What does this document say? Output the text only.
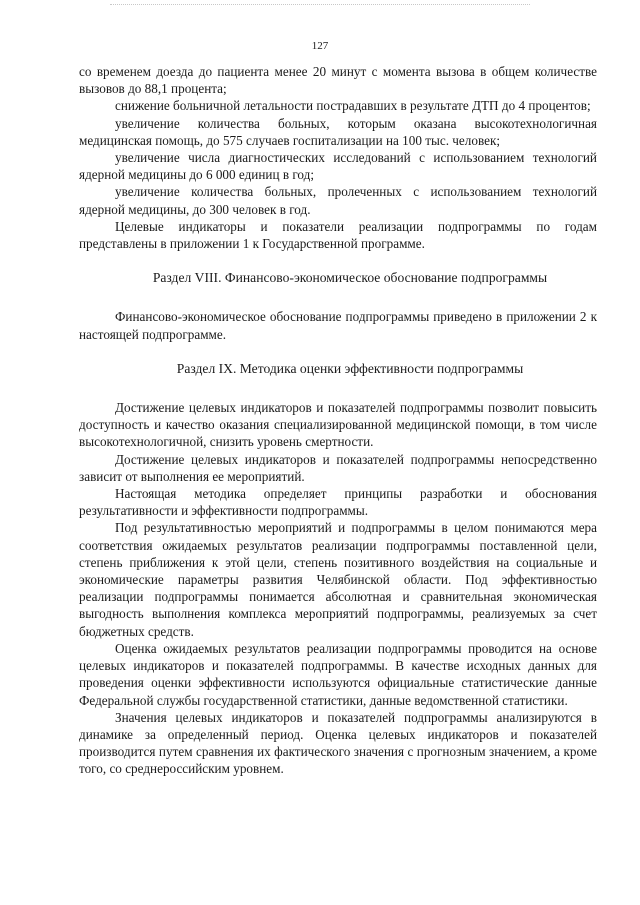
127

со временем доезда до пациента менее 20 минут с момента вызова в общем количестве вызовов до 88,1 процента;

снижение больничной летальности пострадавших в результате ДТП до 4 процентов;

увеличение количества больных, которым оказана высокотехнологичная медицинская помощь, до 575 случаев госпитализации на 100 тыс. человек;

увеличение числа диагностических исследований с использованием технологий ядерной медицины до 6 000 единиц в год;

увеличение количества больных, пролеченных с использованием технологий ядерной медицины, до 300 человек в год.

Целевые индикаторы и показатели реализации подпрограммы по годам представлены в приложении 1 к Государственной программе.

Раздел VIII. Финансово-экономическое обоснование подпрограммы

Финансово-экономическое обоснование подпрограммы приведено в приложении 2 к настоящей подпрограмме.

Раздел IX. Методика оценки эффективности подпрограммы

Достижение целевых индикаторов и показателей подпрограммы позволит повысить доступность и качество оказания специализированной медицинской помощи, в том числе высокотехнологичной, снизить уровень смертности.

Достижение целевых индикаторов и показателей подпрограммы непосредственно зависит от выполнения ее мероприятий.

Настоящая методика определяет принципы разработки и обоснования результативности и эффективности подпрограммы.

Под результативностью мероприятий и подпрограммы в целом понимаются мера соответствия ожидаемых результатов реализации подпрограммы поставленной цели, степень приближения к этой цели, степень позитивного воздействия на социальные и экономические параметры развития Челябинской области. Под эффективностью реализации подпрограммы понимается абсолютная и сравнительная экономическая выгодность выполнения комплекса мероприятий подпрограммы, реализуемых за счет бюджетных средств.

Оценка ожидаемых результатов реализации подпрограммы проводится на основе целевых индикаторов и показателей подпрограммы. В качестве исходных данных для проведения оценки эффективности используются официальные статистические данные Федеральной службы государственной статистики, данные ведомственной статистики.

Значения целевых индикаторов и показателей подпрограммы анализируются в динамике за определенный период. Оценка целевых индикаторов и показателей производится путем сравнения их фактического значения с прогнозным значением, а кроме того, со среднероссийским уровнем.
